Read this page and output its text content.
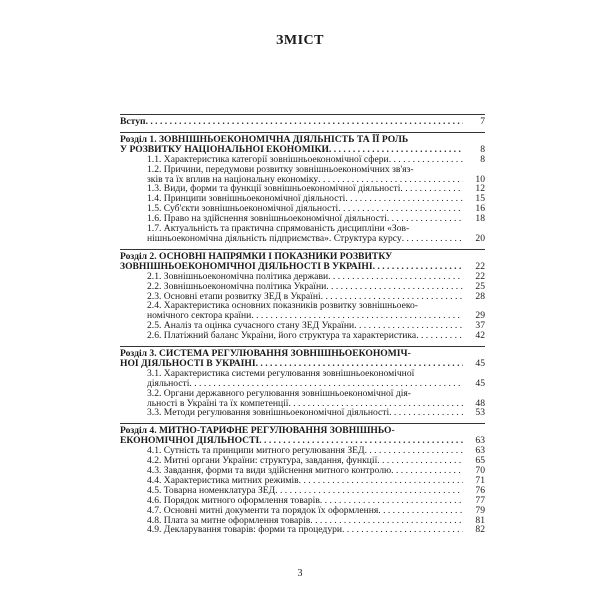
ЗМІСТ
Вступ . . .	7
Розділ 1. ЗОВНІШНЬОЕКОНОМІЧНА ДІЯЛЬНІСТЬ ТА ЇЇ РОЛЬ
У РОЗВИТКУ НАЦІОНАЛЬНОЇ ЕКОНОМІКИ . . .	8
1.1. Характеристика категорії зовнішньоекономічної сфери . . .	8
1.2. Причини, передумови розвитку зовнішньоекономічних зв'яз-
зків та їх вплив на національну економіку . . .	10
1.3. Види, форми та функції зовнішньоекономічної діяльності . . .	12
1.4. Принципи зовнішньоекономічної діяльності . . .	15
1.5. Суб'єкти зовнішньоекономічної діяльності . . .	16
1.6. Право на здійснення зовнішньоекономічної діяльності . . .	18
1.7. Актуальність та практична спрямованість дисципліни «Зов-
нішньоекономічна діяльність підприємства». Структура курсу . . .	20
Розділ 2. ОСНОВНІ НАПРЯМКИ І ПОКАЗНИКИ РОЗВИТКУ
ЗОВНІШНЬОЕКОНОМІЧНОЇ ДІЯЛЬНОСТІ В УКРАЇНІ . . .	22
2.1. Зовнішньоекономічна політика держави . . .	22
2.2. Зовнішньоекономічна політика України . . .	25
2.3. Основні етапи розвитку ЗЕД в Україні . . .	28
2.4. Характеристика основних показників розвитку зовнішньоеко-
номічного сектора країни . . .	29
2.5. Аналіз та оцінка сучасного стану ЗЕД України . . .	37
2.6. Платіжний баланс України, його структура та характеристика . . .	42
Розділ 3. СИСТЕМА РЕГУЛЮВАННЯ ЗОВНІШНЬОЕКОНОМІЧ-
НОЇ ДІЯЛЬНОСТІ В УКРАЇНІ . . .	45
3.1. Характеристика системи регулювання зовнішньоекономічної
діяльності . . .	45
3.2. Органи державного регулювання зовнішньоекономічної дія-
льності в Україні та їх компетенції . . .	48
3.3. Методи регулювання зовнішньоекономічної діяльності . . .	53
Розділ 4. МИТНО-ТАРИФНЕ РЕГУЛЮВАННЯ ЗОВНІШНЬО-
ЕКОНОМІЧНОЇ ДІЯЛЬНОСТІ . . .	63
4.1. Сутність та принципи митного регулювання ЗЕД . . .	63
4.2. Митні органи України: структура, завдання, функції . . .	65
4.3. Завдання, форми та види здійснення митного контролю . . .	70
4.4. Характеристика митних режимів . . .	71
4.5. Товарна номенклатура ЗЕД . . .	76
4.6. Порядок митного оформлення товарів . . .	77
4.7. Основні митні документи та порядок їх оформлення . . .	79
4.8. Плата за митне оформлення товарів . . .	81
4.9. Декларування товарів: форми та процедури . . .	82
3
